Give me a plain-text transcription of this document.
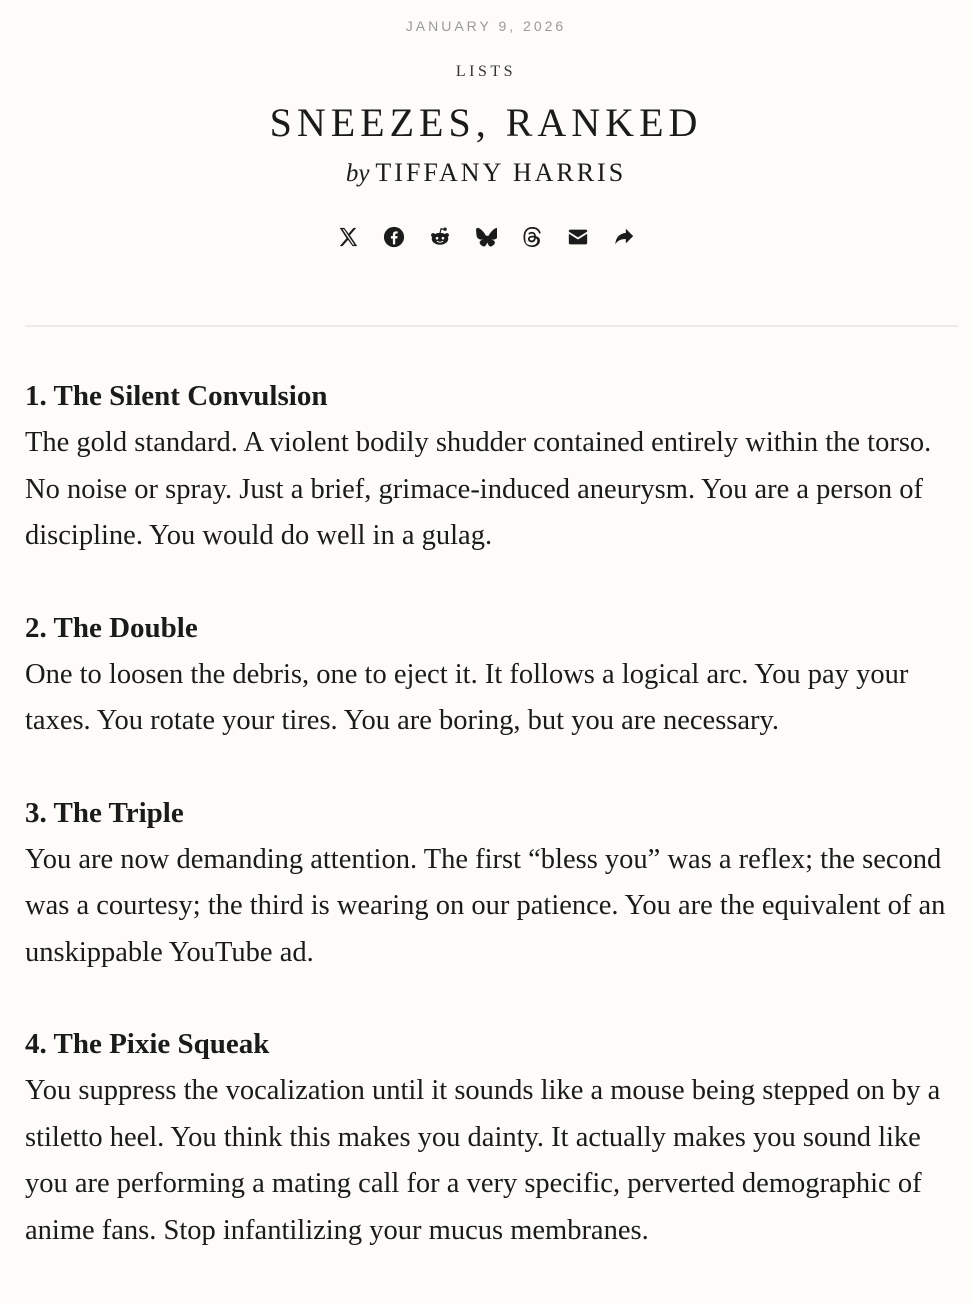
JANUARY 9, 2026
LISTS
SNEEZES, RANKED
by TIFFANY HARRIS
1. The Silent Convulsion

The gold standard. A violent bodily shudder contained entirely within the torso. No noise or spray. Just a brief, grimace-induced aneurysm. You are a person of discipline. You would do well in a gulag.

2. The Double

One to loosen the debris, one to eject it. It follows a logical arc. You pay your taxes. You rotate your tires. You are boring, but you are necessary.

3. The Triple

You are now demanding attention. The first “bless you” was a reflex; the second was a courtesy; the third is wearing on our patience. You are the equivalent of an unskippable YouTube ad.

4. The Pixie Squeak

You suppress the vocalization until it sounds like a mouse being stepped on by a stiletto heel. You think this makes you dainty. It actually makes you sound like you are performing a mating call for a very specific, perverted demographic of anime fans. Stop infantilizing your mucus membranes.
